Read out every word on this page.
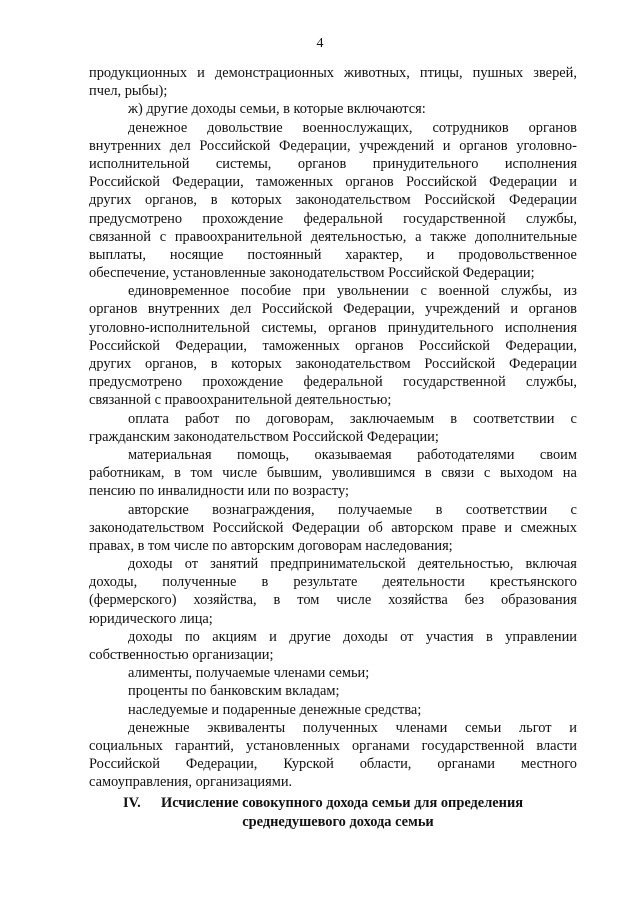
4
продукционных и демонстрационных животных, птицы, пушных зверей,
пчел, рыбы);
ж) другие доходы семьи, в которые включаются:
денежное довольствие военнослужащих, сотрудников органов
внутренних дел Российской Федерации, учреждений и органов уголовно-
исполнительной системы, органов принудительного исполнения
Российской Федерации, таможенных органов Российской Федерации и
других органов, в которых законодательством Российской Федерации
предусмотрено прохождение федеральной государственной службы,
связанной с правоохранительной деятельностью, а также дополнительные
выплаты, носящие постоянный характер, и продовольственное
обеспечение, установленные законодательством Российской Федерации;
единовременное пособие при увольнении с военной службы, из
органов внутренних дел Российской Федерации, учреждений и органов
уголовно-исполнительной системы, органов принудительного исполнения
Российской Федерации, таможенных органов Российской Федерации,
других органов, в которых законодательством Российской Федерации
предусмотрено прохождение федеральной государственной службы,
связанной с правоохранительной деятельностью;
оплата работ по договорам, заключаемым в соответствии с
гражданским законодательством Российской Федерации;
материальная помощь, оказываемая работодателями своим
работникам, в том числе бывшим, уволившимся в связи с выходом на
пенсию по инвалидности или по возрасту;
авторские вознаграждения, получаемые в соответствии с
законодательством Российской Федерации об авторском праве и смежных
правах, в том числе по авторским договорам наследования;
доходы от занятий предпринимательской деятельностью, включая
доходы, полученные в результате деятельности крестьянского
(фермерского) хозяйства, в том числе хозяйства без образования
юридического лица;
доходы по акциям и другие доходы от участия в управлении
собственностью организации;
алименты, получаемые членами семьи;
проценты по банковским вкладам;
наследуемые и подаренные денежные средства;
денежные эквиваленты полученных членами семьи льгот и
социальных гарантий, установленных органами государственной власти
Российской Федерации, Курской области, органами местного
самоуправления, организациями.
IV.	Исчисление совокупного дохода семьи для определения
среднедушевого дохода семьи
